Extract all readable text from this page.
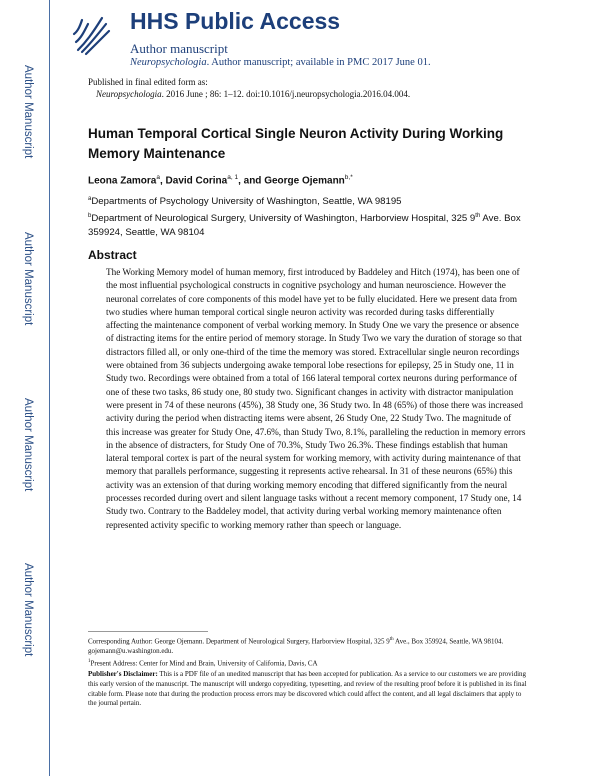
Author Manuscript
Author Manuscript
Author Manuscript
Author Manuscript
HHS Public Access
Author manuscript
Neuropsychologia. Author manuscript; available in PMC 2017 June 01.
Published in final edited form as:
Neuropsychologia. 2016 June ; 86: 1–12. doi:10.1016/j.neuropsychologia.2016.04.004.
Human Temporal Cortical Single Neuron Activity During Working Memory Maintenance
Leona Zamora$^a$, David Corina$^{a, 1}$, and George Ojemann$^{b,*}$
$^a$Departments of Psychology University of Washington, Seattle, WA 98195
$^b$Department of Neurological Surgery, University of Washington, Harborview Hospital, 325 9th Ave. Box 359924, Seattle, WA 98104
Abstract

The Working Memory model of human memory, first introduced by Baddeley and Hitch (1974), has been one of the most influential psychological constructs in cognitive psychology and human neuroscience. However the neuronal correlates of core components of this model have yet to be fully elucidated. Here we present data from two studies where human temporal cortical single neuron activity was recorded during tasks differentially affecting the maintenance component of verbal working memory. In Study One we vary the presence or absence of distracting items for the entire period of memory storage. In Study Two we vary the duration of storage so that distractors filled all, or only one-third of the time the memory was stored. Extracellular single neuron recordings were obtained from 36 subjects undergoing awake temporal lobe resections for epilepsy, 25 in Study one, 11 in Study two. Recordings were obtained from a total of 166 lateral temporal cortex neurons during performance of one of these two tasks, 86 study one, 80 study two. Significant changes in activity with distractor manipulation were present in 74 of these neurons (45%), 38 Study one, 36 Study two. In 48 (65%) of those there was increased activity during the period when distracting items were absent, 26 Study One, 22 Study Two. The magnitude of this increase was greater for Study One, 47.6%, than Study Two, 8.1%, paralleling the reduction in memory errors in the absence of distracters, for Study One of 70.3%, Study Two 26.3%. These findings establish that human lateral temporal cortex is part of the neural system for working memory, with activity during maintenance of that memory that parallels performance, suggesting it represents active rehearsal. In 31 of these neurons (65%) this activity was an extension of that during working memory encoding that differed significantly from the neural processes recorded during overt and silent language tasks without a recent memory component, 17 Study one, 14 Study two. Contrary to the Baddeley model, that activity during verbal working memory maintenance often represented activity specific to working memory rather than speech or language.

Corresponding Author: George Ojemann. Department of Neurological Surgery, Harborview Hospital, 325 9th Ave., Box 359924, Seattle, WA 98104. gojemann@u.washington.edu.

$^1$Present Address: Center for Mind and Brain, University of California, Davis, CA

Publisher's Disclaimer: This is a PDF file of an unedited manuscript that has been accepted for publication. As a service to our customers we are providing this early version of the manuscript. The manuscript will undergo copyediting, typesetting, and review of the resulting proof before it is published in its final citable form. Please note that during the production process errors may be discovered which could affect the content, and all legal disclaimers that apply to the journal pertain.
